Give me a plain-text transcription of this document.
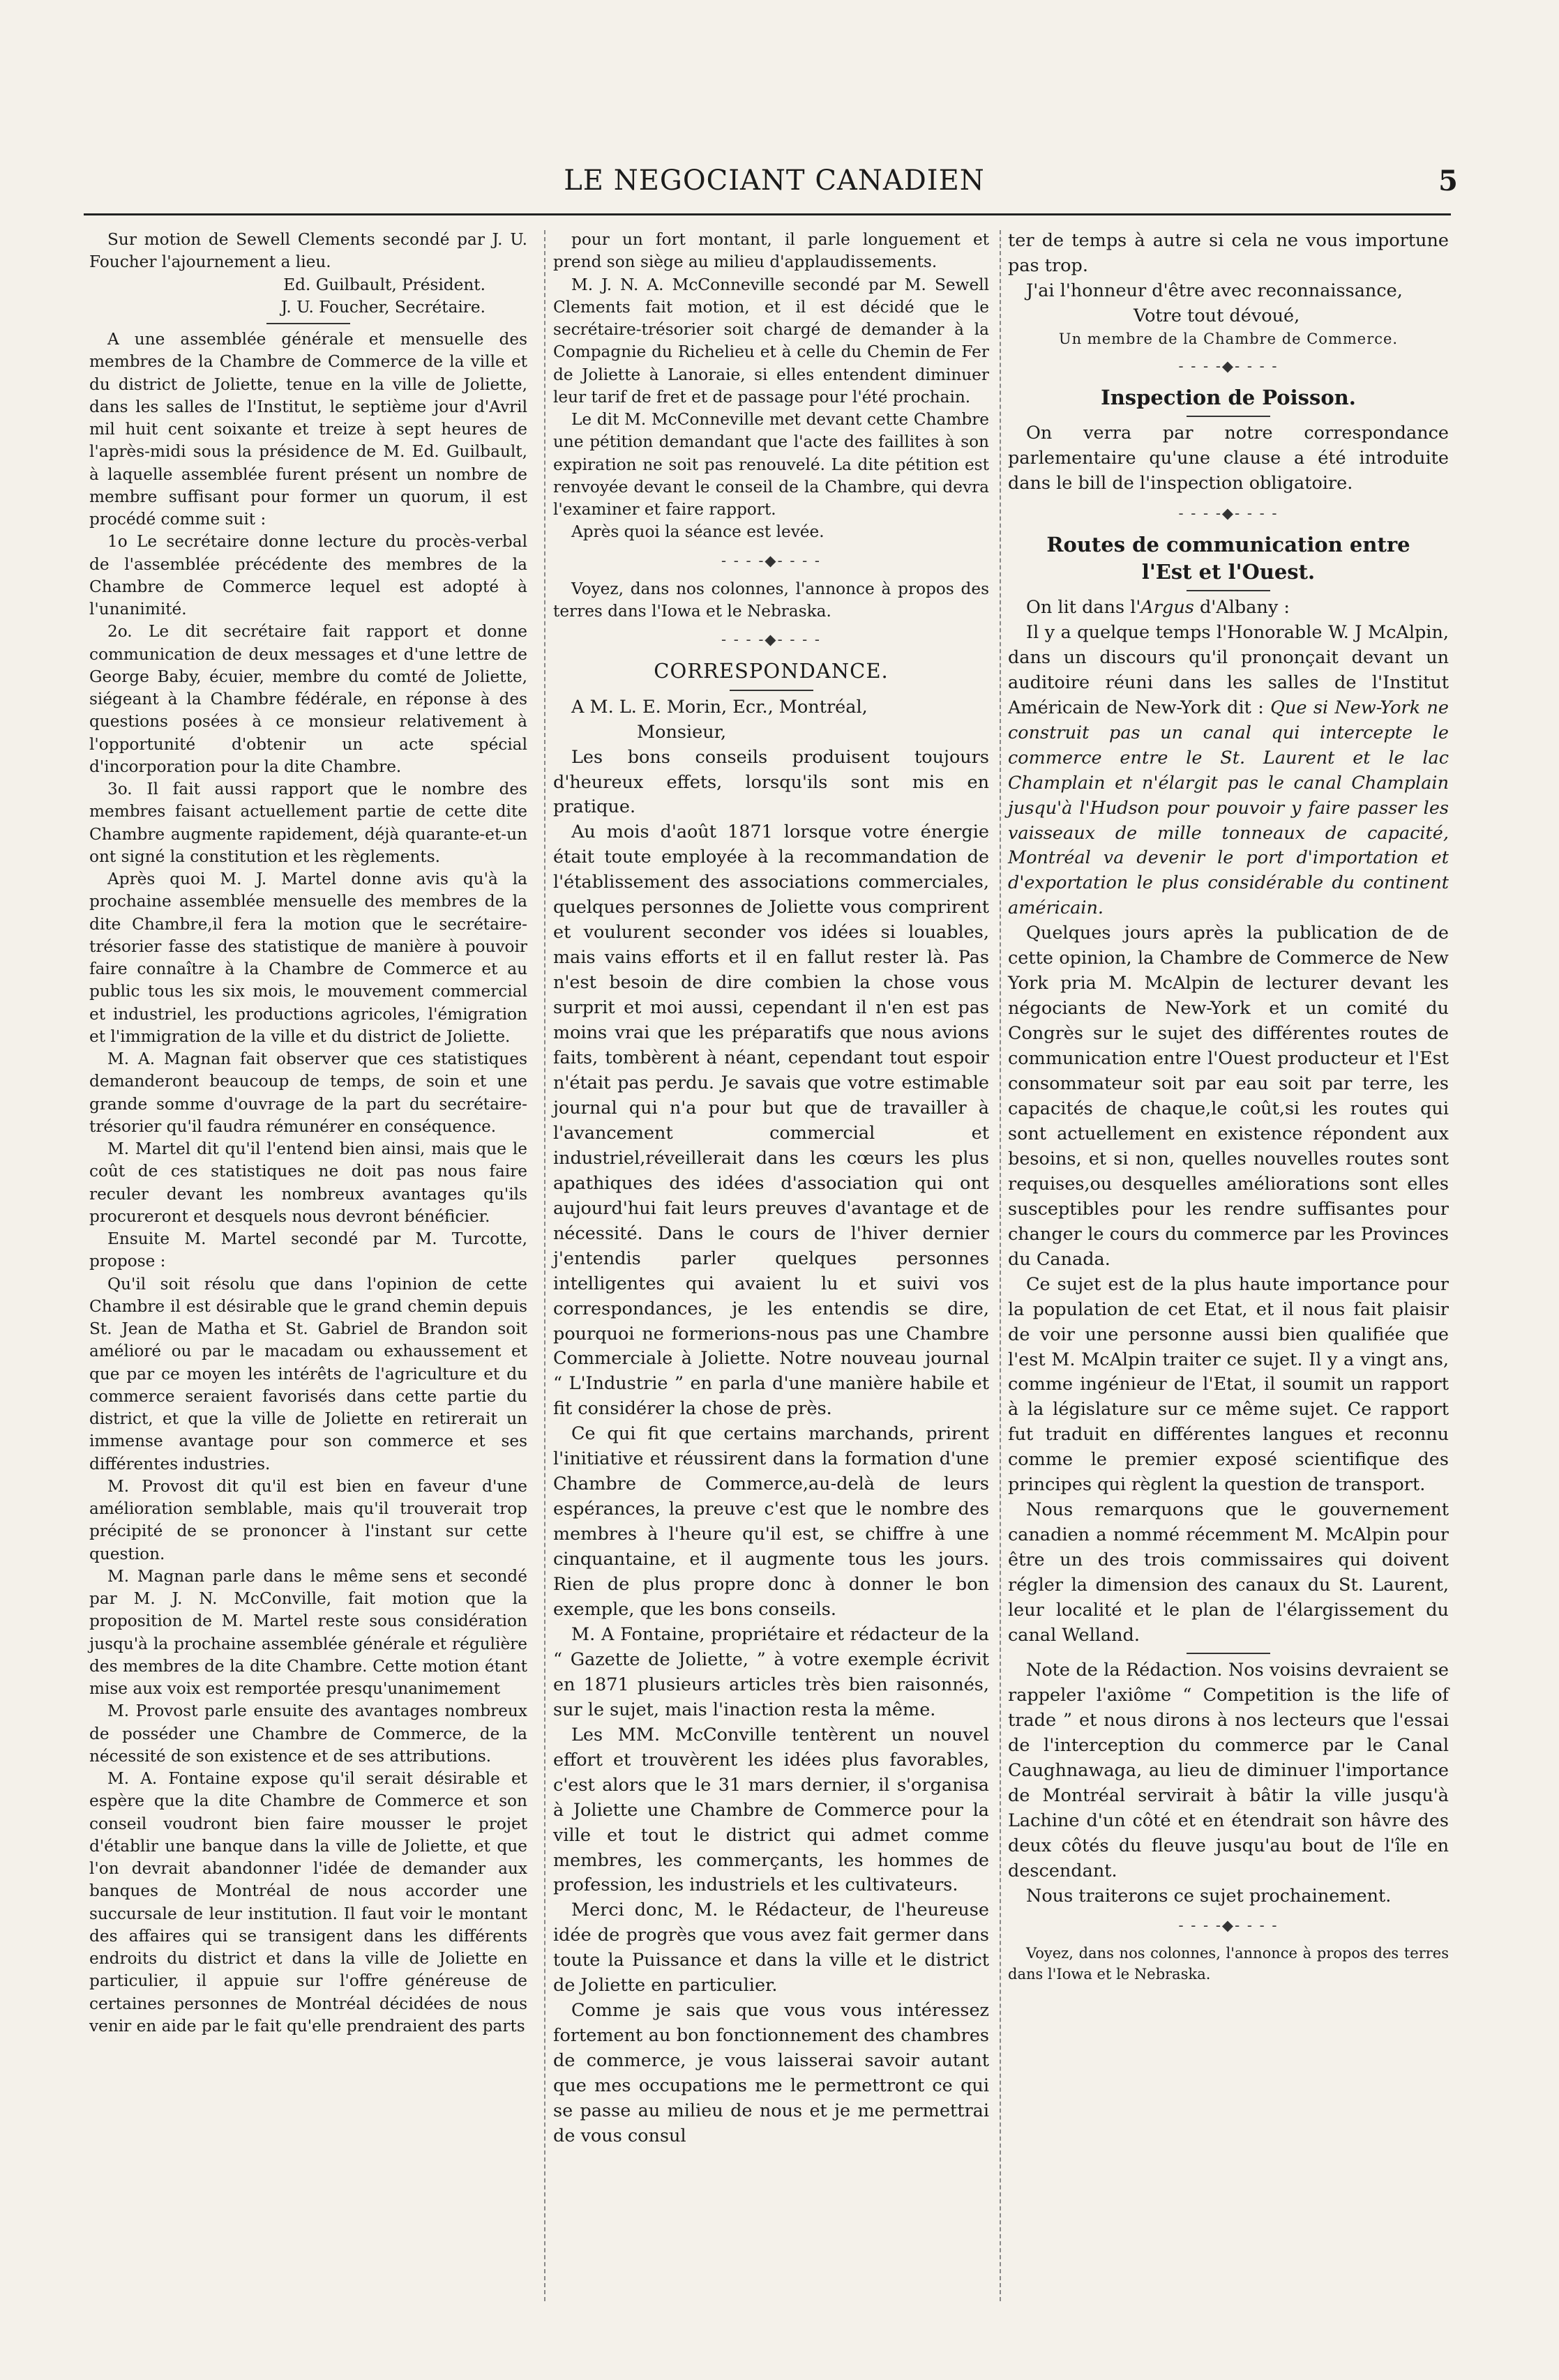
LE NEGOCIANT CANADIEN	5

Sur motion de Sewell Clements secondé par J. U. Foucher l'ajournement a lieu.

Ed. Guilbault, Président.
J. U. Foucher, Secrétaire.

A une assemblée générale et mensuelle des membres de la Chambre de Commerce de la ville et du district de Joliette, tenue en la ville de Joliette, dans les salles de l'Institut, le septième jour d'Avril mil huit cent soixante et treize à sept heures de l'après-midi sous la présidence de M. Ed. Guilbault, à laquelle assemblée furent présent un nombre de membre suffisant pour former un quorum, il est procédé comme suit :

1o Le secrétaire donne lecture du procès-verbal de l'assemblée précédente des membres de la Chambre de Commerce lequel est adopté à l'unanimité.

2o. Le dit secrétaire fait rapport et donne communication de deux messages et d'une lettre de George Baby, écuier, membre du comté de Joliette, siégeant à la Chambre fédérale, en réponse à des questions posées à ce monsieur relativement à l'opportunité d'obtenir un acte spécial d'incorporation pour la dite Chambre.

3o. Il fait aussi rapport que le nombre des membres faisant actuellement partie de cette dite Chambre augmente rapidement, déjà quarante-et-un ont signé la constitution et les règlements.

Après quoi M. J. Martel donne avis qu'à la prochaine assemblée mensuelle des membres de la dite Chambre,il fera la motion que le secrétaire-trésorier fasse des statistique de manière à pouvoir faire connaître à la Chambre de Commerce et au public tous les six mois, le mouvement commercial et industriel, les productions agricoles, l'émigration et l'immigration de la ville et du district de Joliette.

M. A. Magnan fait observer que ces statistiques demanderont beaucoup de temps, de soin et une grande somme d'ouvrage de la part du secrétaire-trésorier qu'il faudra rémunérer en conséquence.

M. Martel dit qu'il l'entend bien ainsi, mais que le coût de ces statistiques ne doit pas nous faire reculer devant les nombreux avantages qu'ils procureront et desquels nous devront bénéficier.

Ensuite M. Martel secondé par M. Turcotte, propose :

Qu'il soit résolu que dans l'opinion de cette Chambre il est désirable que le grand chemin depuis St. Jean de Matha et St. Gabriel de Brandon soit amélioré ou par le macadam ou exhaussement et que par ce moyen les intérêts de l'agriculture et du commerce seraient favorisés dans cette partie du district, et que la ville de Joliette en retirerait un immense avantage pour son commerce et ses différentes industries.

M. Provost dit qu'il est bien en faveur d'une amélioration semblable, mais qu'il trouverait trop précipité de se prononcer à l'instant sur cette question.

M. Magnan parle dans le même sens et secondé par M. J. N. McConville, fait motion que la proposition de M. Martel reste sous considération jusqu'à la prochaine assemblée générale et régulière des membres de la dite Chambre. Cette motion étant mise aux voix est remportée presqu'unanimement

M. Provost parle ensuite des avantages nombreux de posséder une Chambre de Commerce, de la nécessité de son existence et de ses attributions.

M. A. Fontaine expose qu'il serait désirable et espère que la dite Chambre de Commerce et son conseil voudront bien faire mousser le projet d'établir une banque dans la ville de Joliette, et que l'on devrait abandonner l'idée de demander aux banques de Montréal de nous accorder une succursale de leur institution. Il faut voir le montant des affaires qui se transigent dans les différents endroits du district et dans la ville de Joliette en particulier, il appuie sur l'offre généreuse de certaines personnes de Montréal décidées de nous venir en aide par le fait qu'elle prendraient des parts

pour un fort montant, il parle longuement et prend son siège au milieu d'applaudissements.

M. J. N. A. McConneville secondé par M. Sewell Clements fait motion, et il est décidé que le secrétaire-trésorier soit chargé de demander à la Compagnie du Richelieu et à celle du Chemin de Fer de Joliette à Lanoraie, si elles entendent diminuer leur tarif de fret et de passage pour l'été prochain.

Le dit M. McConneville met devant cette Chambre une pétition demandant que l'acte des faillites à son expiration ne soit pas renouvelé. La dite pétition est renvoyée devant le conseil de la Chambre, qui devra l'examiner et faire rapport.

Après quoi la séance est levée.

- - - -◆- - - -

Voyez, dans nos colonnes, l'annonce à propos des terres dans l'Iowa et le Nebraska.

- - - -◆- - - -
CORRESPONDANCE.

A M. L. E. Morin, Ecr., Montréal,

Monsieur,

Les bons conseils produisent toujours d'heureux effets, lorsqu'ils sont mis en pratique.

Au mois d'août 1871 lorsque votre énergie était toute employée à la recommandation de l'établissement des associations commerciales, quelques personnes de Joliette vous comprirent et voulurent seconder vos idées si louables, mais vains efforts et il en fallut rester là. Pas n'est besoin de dire combien la chose vous surprit et moi aussi, cependant il n'en est pas moins vrai que les préparatifs que nous avions faits, tombèrent à néant, cependant tout espoir n'était pas perdu. Je savais que votre estimable journal qui n'a pour but que de travailler à l'avancement commercial et industriel,réveillerait dans les cœurs les plus apathiques des idées d'association qui ont aujourd'hui fait leurs preuves d'avantage et de nécessité. Dans le cours de l'hiver dernier j'entendis parler quelques personnes intelligentes qui avaient lu et suivi vos correspondances, je les entendis se dire, pourquoi ne formerions-nous pas une Chambre Commerciale à Joliette. Notre nouveau journal “ L'Industrie ” en parla d'une manière habile et fit considérer la chose de près.

Ce qui fit que certains marchands, prirent l'initiative et réussirent dans la formation d'une Chambre de Commerce,au-delà de leurs espérances, la preuve c'est que le nombre des membres à l'heure qu'il est, se chiffre à une cinquantaine, et il augmente tous les jours. Rien de plus propre donc à donner le bon exemple, que les bons conseils.

M. A Fontaine, propriétaire et rédacteur de la “ Gazette de Joliette, ” à votre exemple écrivit en 1871 plusieurs articles très bien raisonnés, sur le sujet, mais l'inaction resta la même.

Les MM. McConville tentèrent un nouvel effort et trouvèrent les idées plus favorables, c'est alors que le 31 mars dernier, il s'organisa à Joliette une Chambre de Commerce pour la ville et tout le district qui admet comme membres, les commerçants, les hommes de profession, les industriels et les cultivateurs.

Merci donc, M. le Rédacteur, de l'heureuse idée de progrès que vous avez fait germer dans toute la Puissance et dans la ville et le district de Joliette en particulier.

Comme je sais que vous vous intéressez fortement au bon fonctionnement des chambres de commerce, je vous laisserai savoir autant que mes occupations me le permettront ce qui se passe au milieu de nous et je me permettrai de vous consul

ter de temps à autre si cela ne vous importune pas trop.

J'ai l'honneur d'être avec reconnaissance,

Votre tout dévoué,

Un membre de la Chambre de Commerce.
- - - -◆- - - -
Inspection de Poisson.

On verra par notre correspondance parlementaire qu'une clause a été introduite dans le bill de l'inspection obligatoire.

- - - -◆- - - -
Routes de communication entre
l'Est et l'Ouest.

On lit dans l'Argus d'Albany :

Il y a quelque temps l'Honorable W. J McAlpin, dans un discours qu'il prononçait devant un auditoire réuni dans les salles de l'Institut Américain de New-York dit : Que si New-York ne construit pas un canal qui intercepte le commerce entre le St. Laurent et le lac Champlain et n'élargit pas le canal Champlain jusqu'à l'Hudson pour pouvoir y faire passer les vaisseaux de mille tonneaux de capacité, Montréal va devenir le port d'importation et d'exportation le plus considérable du continent américain.

Quelques jours après la publication de de cette opinion, la Chambre de Commerce de New York pria M. McAlpin de lecturer devant les négociants de New-York et un comité du Congrès sur le sujet des différentes routes de communication entre l'Ouest producteur et l'Est consommateur soit par eau soit par terre, les capacités de chaque,le coût,si les routes qui sont actuellement en existence répondent aux besoins, et si non, quelles nouvelles routes sont requises,ou desquelles améliorations sont elles susceptibles pour les rendre suffisantes pour changer le cours du commerce par les Provinces du Canada.

Ce sujet est de la plus haute importance pour la population de cet Etat, et il nous fait plaisir de voir une personne aussi bien qualifiée que l'est M. McAlpin traiter ce sujet. Il y a vingt ans, comme ingénieur de l'Etat, il soumit un rapport à la législature sur ce même sujet. Ce rapport fut traduit en différentes langues et reconnu comme le premier exposé scientifique des principes qui règlent la question de transport.

Nous remarquons que le gouvernement canadien a nommé récemment M. McAlpin pour être un des trois commissaires qui doivent régler la dimension des canaux du St. Laurent, leur localité et le plan de l'élargissement du canal Welland.

Note de la Rédaction. Nos voisins devraient se rappeler l'axiôme “ Competition is the life of trade ” et nous dirons à nos lecteurs que l'essai de l'interception du commerce par le Canal Caughnawaga, au lieu de diminuer l'importance de Montréal servirait à bâtir la ville jusqu'à Lachine d'un côté et en étendrait son hâvre des deux côtés du fleuve jusqu'au bout de l'île en descendant.

Nous traiterons ce sujet prochainement.

- - - -◆- - - -

Voyez, dans nos colonnes, l'annonce à propos des terres dans l'Iowa et le Nebraska.
